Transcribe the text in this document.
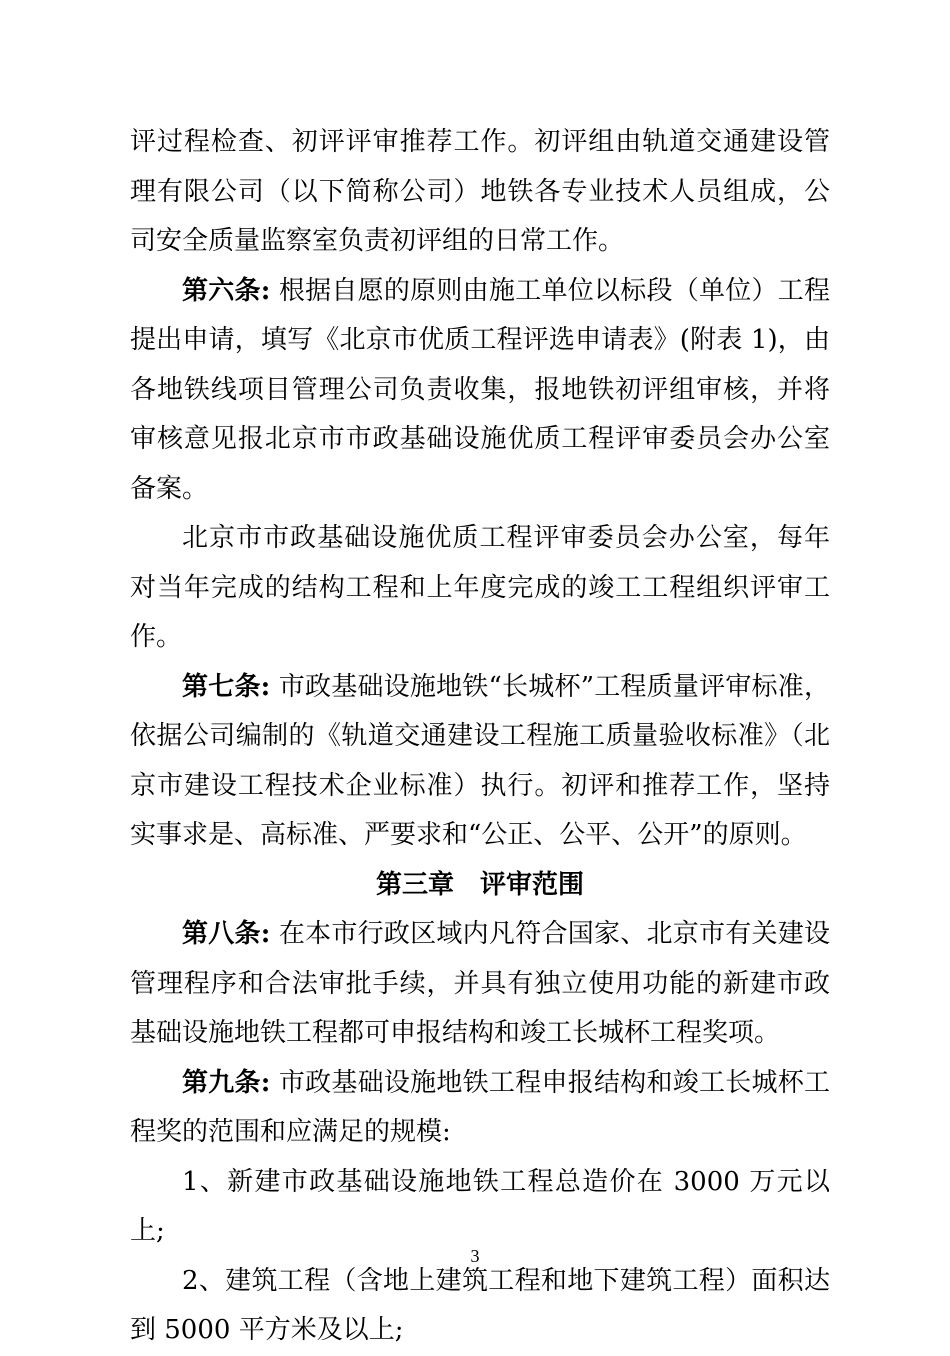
评过程检查、初评评审推荐工作。初评组由轨道交通建设管理有限公司（以下简称公司）地铁各专业技术人员组成，公司安全质量监察室负责初评组的日常工作。

第六条: 根据自愿的原则由施工单位以标段（单位）工程提出申请，填写《北京市优质工程评选申请表》(附表 1)，由各地铁线项目管理公司负责收集，报地铁初评组审核，并将审核意见报北京市市政基础设施优质工程评审委员会办公室备案。

北京市市政基础设施优质工程评审委员会办公室，每年对当年完成的结构工程和上年度完成的竣工工程组织评审工作。

第七条: 市政基础设施地铁“长城杯”工程质量评审标准，依据公司编制的《轨道交通建设工程施工质量验收标准》（北京市建设工程技术企业标准）执行。初评和推荐工作，坚持实事求是、高标准、严要求和“公正、公平、公开”的原则。

第三章　评审范围

第八条: 在本市行政区域内凡符合国家、北京市有关建设管理程序和合法审批手续，并具有独立使用功能的新建市政基础设施地铁工程都可申报结构和竣工长城杯工程奖项。

第九条: 市政基础设施地铁工程申报结构和竣工长城杯工程奖的范围和应满足的规模:

1、新建市政基础设施地铁工程总造价在 3000 万元以上;

2、建筑工程（含地上建筑工程和地下建筑工程）面积达到 5000 平方米及以上;

3
